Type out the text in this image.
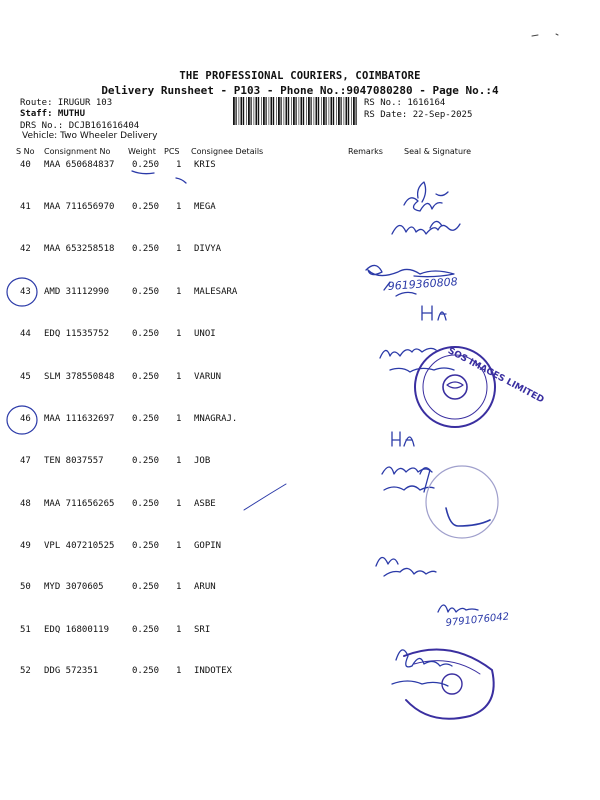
THE PROFESSIONAL COURIERS, COIMBATORE
Delivery Runsheet - P103 - Phone No.:9047080280 - Page No.:4
Route: IRUGUR 103
Staff: MUTHU
DRS No.: DCJB161616404
Vehicle: Two Wheeler Delivery
RS No.: 1616164
RS Date: 22-Sep-2025
S No Consignment No Weight PCS Consignee Details	Remarks	Seal & Signature
40 MAA 650684837 0.250 1 KRIS
41 MAA 711656970 0.250 1 MEGA
42 MAA 653258518 0.250 1 DIVYA
43 AMD 31112990	0.250 1 MALESARA
44 EDQ 11535752	0.250 1 UNOI
45 SLM 378550848 0.250 1 VARUN
46 MAA 111632697 0.250 1 MNAGRAJ.
47 TEN 8037557	0.250 1 JOB
48 MAA 711656265 0.250 1 ASBE
49 VPL 407210525 0.250 1 GOPIN
50 MYD 3070605	0.250 1 ARUN
51 EDQ 16800119	0.250 1 SRI
52 DDG 572351	0.250 1 INDOTEX
9619360808
SOS IMAGES LIMITED
9791076042
